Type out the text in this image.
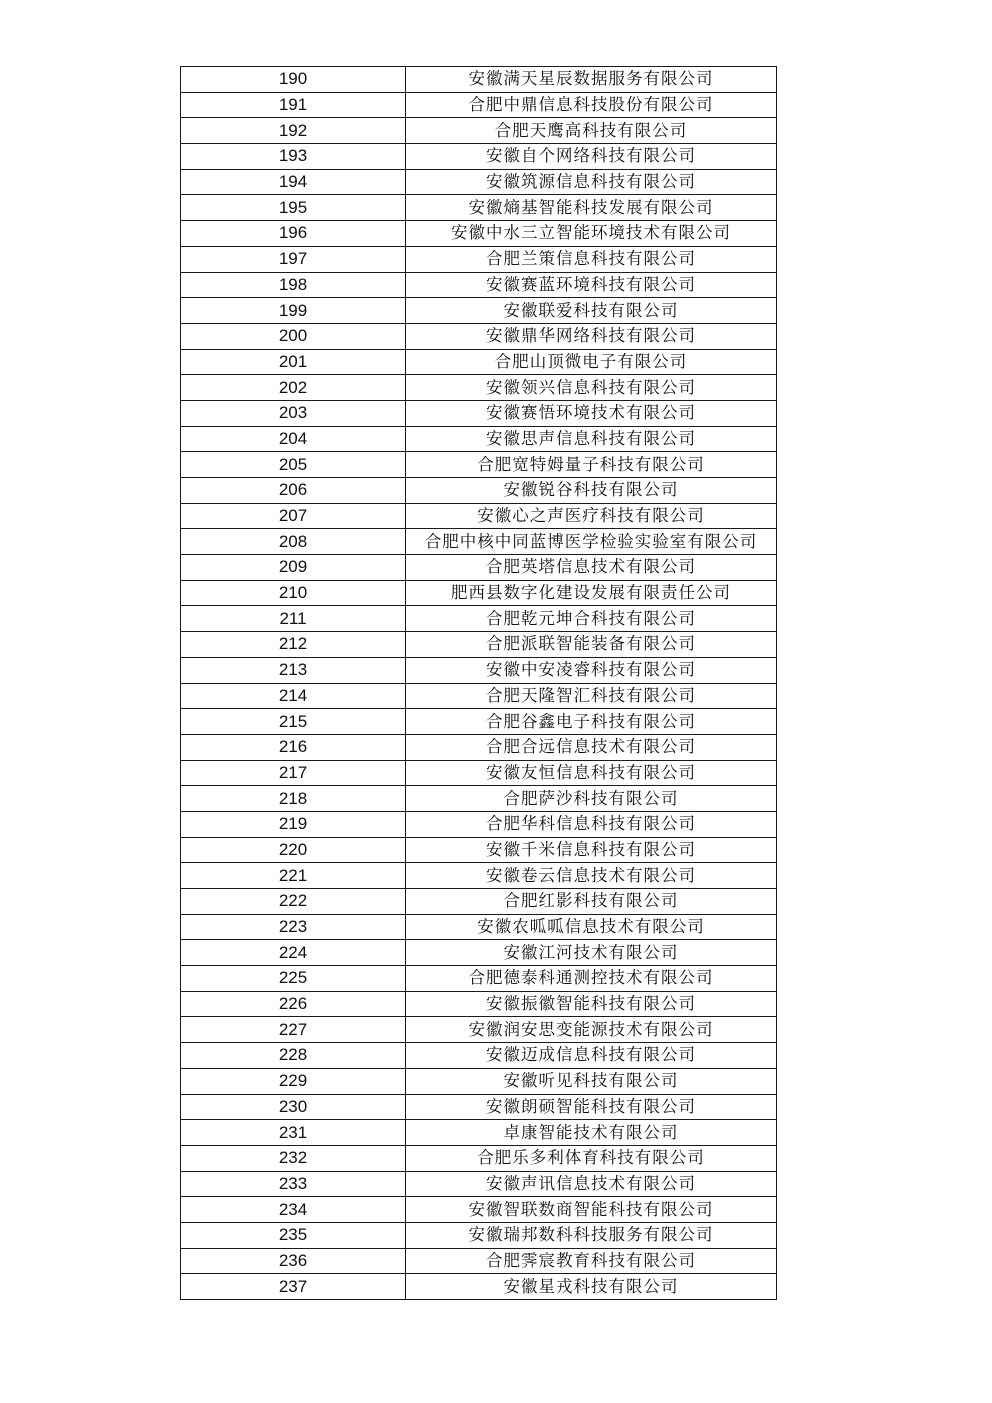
190	安徽满天星辰数据服务有限公司
191	合肥中鼎信息科技股份有限公司
192	合肥天鹰高科技有限公司
193	安徽自个网络科技有限公司
194	安徽筑源信息科技有限公司
195	安徽熵基智能科技发展有限公司
196	安徽中水三立智能环境技术有限公司
197	合肥兰策信息科技有限公司
198	安徽赛蓝环境科技有限公司
199	安徽联爱科技有限公司
200	安徽鼎华网络科技有限公司
201	合肥山顶微电子有限公司
202	安徽领兴信息科技有限公司
203	安徽赛悟环境技术有限公司
204	安徽思声信息科技有限公司
205	合肥宽特姆量子科技有限公司
206	安徽锐谷科技有限公司
207	安徽心之声医疗科技有限公司
208	合肥中核中同蓝博医学检验实验室有限公司
209	合肥英塔信息技术有限公司
210	肥西县数字化建设发展有限责任公司
211	合肥乾元坤合科技有限公司
212	合肥派联智能装备有限公司
213	安徽中安凌睿科技有限公司
214	合肥天隆智汇科技有限公司
215	合肥谷鑫电子科技有限公司
216	合肥合远信息技术有限公司
217	安徽友恒信息科技有限公司
218	合肥萨沙科技有限公司
219	合肥华科信息科技有限公司
220	安徽千米信息科技有限公司
221	安徽卷云信息技术有限公司
222	合肥红影科技有限公司
223	安徽农呱呱信息技术有限公司
224	安徽江河技术有限公司
225	合肥德泰科通测控技术有限公司
226	安徽振徽智能科技有限公司
227	安徽润安思变能源技术有限公司
228	安徽迈成信息科技有限公司
229	安徽听见科技有限公司
230	安徽朗硕智能科技有限公司
231	卓康智能技术有限公司
232	合肥乐多利体育科技有限公司
233	安徽声讯信息技术有限公司
234	安徽智联数商智能科技有限公司
235	安徽瑞邦数科科技服务有限公司
236	合肥霁宸教育科技有限公司
237	安徽星戎科技有限公司
